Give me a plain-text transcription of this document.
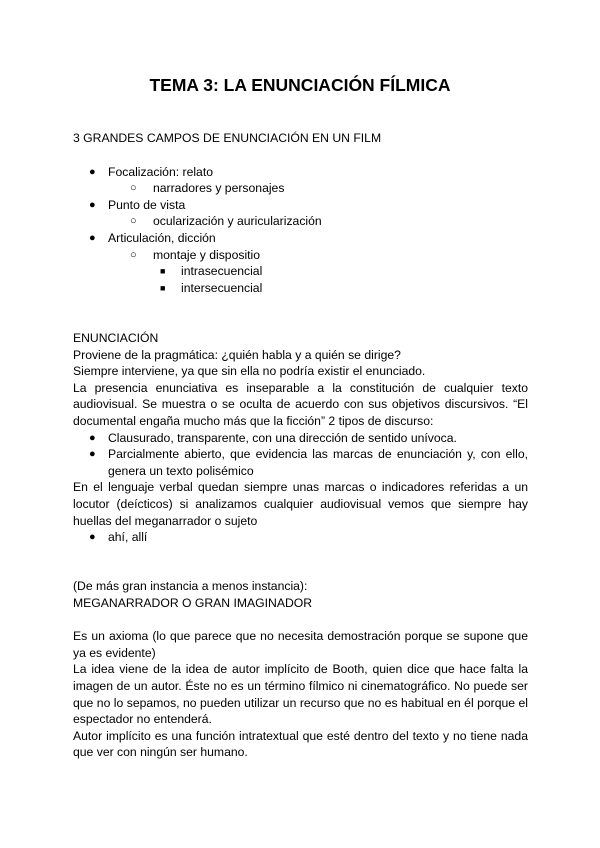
TEMA 3: LA ENUNCIACIÓN FÍLMICA

3 GRANDES CAMPOS DE ENUNCIACIÓN EN UN FILM

● Focalización: relato
○ narradores y personajes
● Punto de vista
○ ocularización y auricularización
● Articulación, dicción
○ montaje y dispositio
■ intrasecuencial
■ intersecuencial

ENUNCIACIÓN

Proviene de la pragmática: ¿quién habla y a quién se dirige?

Siempre interviene, ya que sin ella no podría existir el enunciado.

La presencia enunciativa es inseparable a la constitución de cualquier texto audiovisual. Se muestra o se oculta de acuerdo con sus objetivos discursivos. “El documental engaña mucho más que la ficción” 2 tipos de discurso:

● Clausurado, transparente, con una dirección de sentido unívoca.
● Parcialmente abierto, que evidencia las marcas de enunciación y, con ello, genera un texto polisémico

En el lenguaje verbal quedan siempre unas marcas o indicadores referidas a un locutor (deícticos) si analizamos cualquier audiovisual vemos que siempre hay huellas del meganarrador o sujeto

● ahí, allí

(De más gran instancia a menos instancia):

MEGANARRADOR O GRAN IMAGINADOR

Es un axioma (lo que parece que no necesita demostración porque se supone que ya es evidente)

La idea viene de la idea de autor implícito de Booth, quien dice que hace falta la imagen de un autor. Éste no es un término fílmico ni cinematográfico. No puede ser que no lo sepamos, no pueden utilizar un recurso que no es habitual en él porque el espectador no entenderá.

Autor implícito es una función intratextual que esté dentro del texto y no tiene nada que ver con ningún ser humano.
